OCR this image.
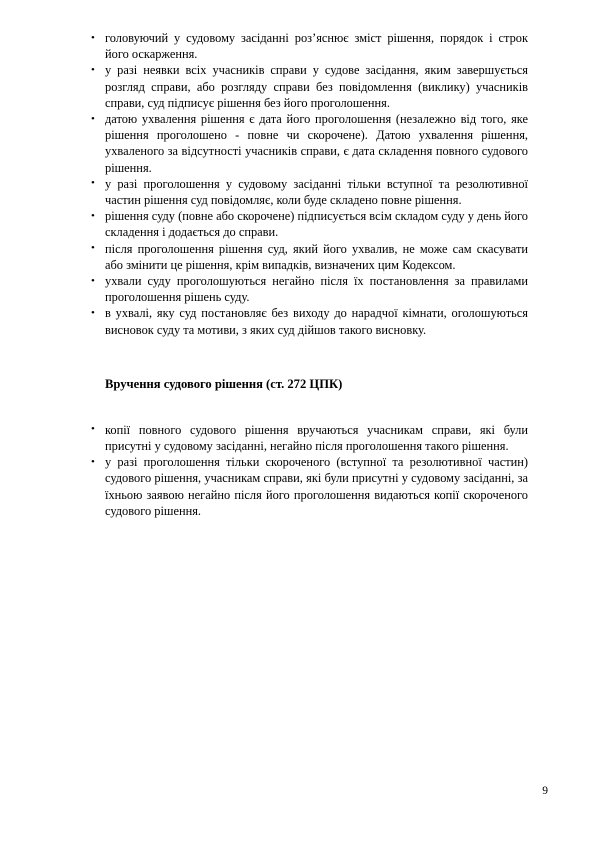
• головуючий у судовому засіданні роз’яснює зміст рішення, порядок і строк його оскарження.
• у разі неявки всіх учасників справи у судове засідання, яким завершується розгляд справи, або розгляду справи без повідомлення (виклику) учасників справи, суд підписує рішення без його проголошення.
• датою ухвалення рішення є дата його проголошення (незалежно від того, яке рішення проголошено - повне чи скорочене). Датою ухвалення рішення, ухваленого за відсутності учасників справи, є дата складення повного судового рішення.
• у разі проголошення у судовому засіданні тільки вступної та резолютивної частин рішення суд повідомляє, коли буде складено повне рішення.
• рішення суду (повне або скорочене) підписується всім складом суду у день його складення і додається до справи.
• після проголошення рішення суд, який його ухвалив, не може сам скасувати або змінити це рішення, крім випадків, визначених цим Кодексом.
• ухвали суду проголошуються негайно після їх постановлення за правилами проголошення рішень суду.
• в ухвалі, яку суд постановляє без виходу до нарадчої кімнати, оголошуються висновок суду та мотиви, з яких суд дійшов такого висновку.

Вручення судового рішення (ст. 272 ЦПК)

• копії повного судового рішення вручаються учасникам справи, які були присутні у судовому засіданні, негайно після проголошення такого рішення.
• у разі проголошення тільки скороченого (вступної та резолютивної частин) судового рішення, учасникам справи, які були присутні у судовому засіданні, за їхньою заявою негайно після його проголошення видаються копії скороченого судового рішення.
9
